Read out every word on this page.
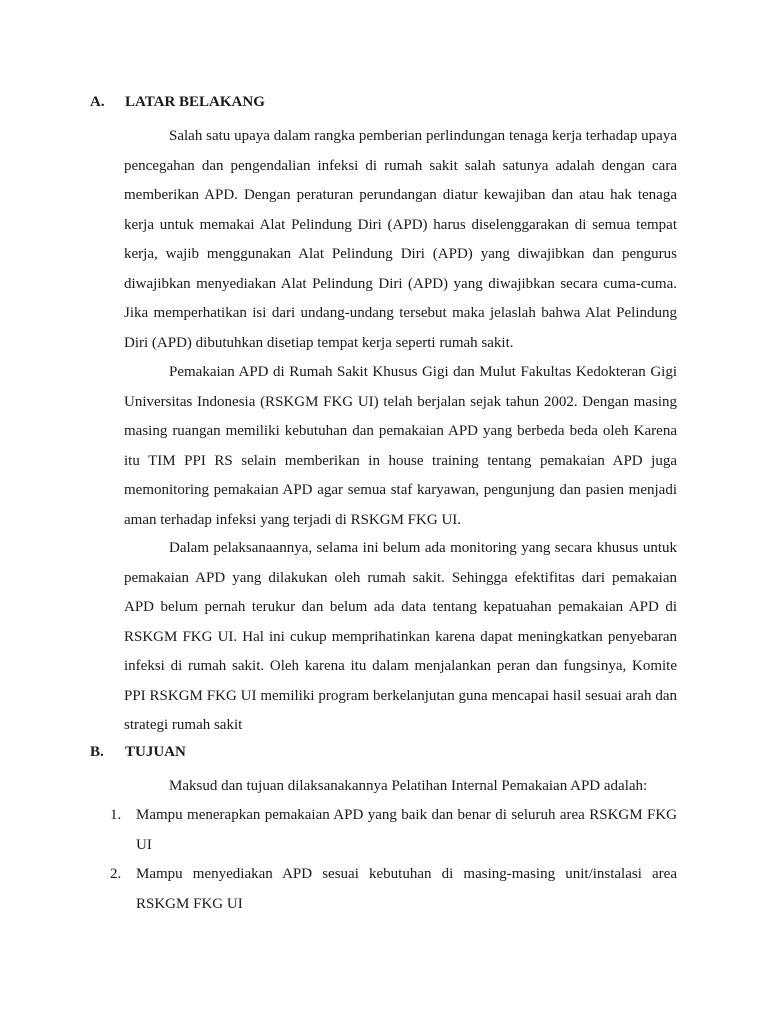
A. LATAR BELAKANG

Salah satu upaya dalam rangka pemberian perlindungan tenaga kerja terhadap upaya pencegahan dan pengendalian infeksi di rumah sakit salah satunya adalah dengan cara memberikan APD. Dengan peraturan perundangan diatur kewajiban dan atau hak tenaga kerja untuk memakai Alat Pelindung Diri (APD) harus diselenggarakan di semua tempat kerja, wajib menggunakan Alat Pelindung Diri (APD) yang diwajibkan dan pengurus diwajibkan menyediakan Alat Pelindung Diri (APD) yang diwajibkan secara cuma-cuma. Jika memperhatikan isi dari undang-undang tersebut maka jelaslah bahwa Alat Pelindung Diri (APD) dibutuhkan disetiap tempat kerja seperti rumah sakit.

Pemakaian APD di Rumah Sakit Khusus Gigi dan Mulut Fakultas Kedokteran Gigi Universitas Indonesia (RSKGM FKG UI) telah berjalan sejak tahun 2002. Dengan masing masing ruangan memiliki kebutuhan dan pemakaian APD yang berbeda beda oleh Karena itu TIM PPI RS selain memberikan in house training tentang pemakaian APD juga memonitoring pemakaian APD agar semua staf karyawan, pengunjung dan pasien menjadi aman terhadap infeksi yang terjadi di RSKGM FKG UI.

Dalam pelaksanaannya, selama ini belum ada monitoring yang secara khusus untuk pemakaian APD yang dilakukan oleh rumah sakit. Sehingga efektifitas dari pemakaian APD belum pernah terukur dan belum ada data tentang kepatuahan pemakaian APD di RSKGM FKG UI. Hal ini cukup memprihatinkan karena dapat meningkatkan penyebaran infeksi di rumah sakit. Oleh karena itu dalam menjalankan peran dan fungsinya, Komite PPI RSKGM FKG UI memiliki program berkelanjutan guna mencapai hasil sesuai arah dan strategi rumah sakit

B. TUJUAN

Maksud dan tujuan dilaksanakannya Pelatihan Internal Pemakaian APD adalah:

1. Mampu menerapkan pemakaian APD yang baik dan benar di seluruh area RSKGM FKG UI
2. Mampu menyediakan APD sesuai kebutuhan di masing-masing unit/instalasi area RSKGM FKG UI
